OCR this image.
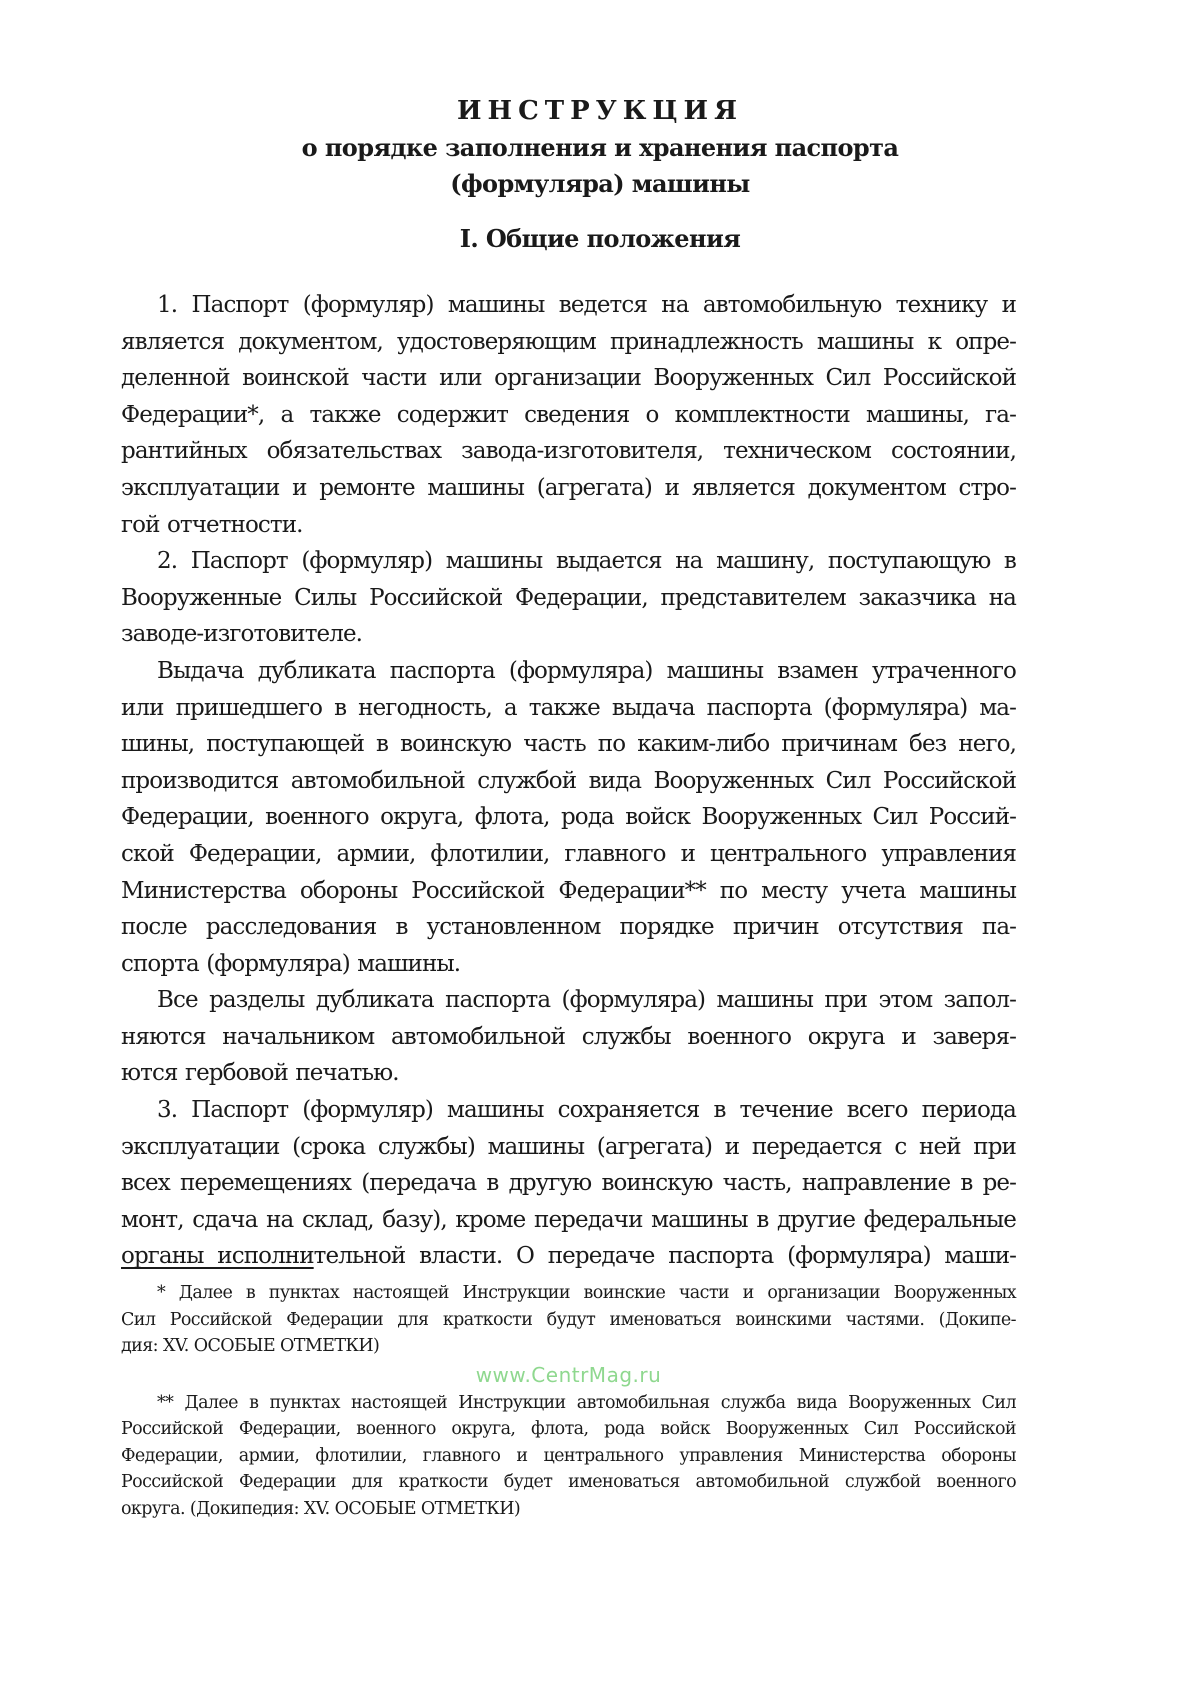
ИНСТРУКЦИЯ
о порядке заполнения и хранения паспорта
(формуляра) машины
I. Общие положения
1. Паспорт (формуляр) машины ведется на автомобильную технику и
является документом, удостоверяющим принадлежность машины к опре-
деленной воинской части или организации Вооруженных Сил Российской
Федерации*, а также содержит сведения о комплектности машины, га-
рантийных обязательствах завода-изготовителя, техническом состоянии,
эксплуатации и ремонте машины (агрегата) и является документом стро-
гой отчетности.
2. Паспорт (формуляр) машины выдается на машину, поступающую в
Вооруженные Силы Российской Федерации, представителем заказчика на
заводе-изготовителе.
Выдача дубликата паспорта (формуляра) машины взамен утраченного
или пришедшего в негодность, а также выдача паспорта (формуляра) ма-
шины, поступающей в воинскую часть по каким-либо причинам без него,
производится автомобильной службой вида Вооруженных Сил Российской
Федерации, военного округа, флота, рода войск Вооруженных Сил Россий-
ской Федерации, армии, флотилии, главного и центрального управления
Министерства обороны Российской Федерации** по месту учета машины
после расследования в установленном порядке причин отсутствия па-
спорта (формуляра) машины.
Все разделы дубликата паспорта (формуляра) машины при этом запол-
няются начальником автомобильной службы военного округа и заверя-
ются гербовой печатью.
3. Паспорт (формуляр) машины сохраняется в течение всего периода
эксплуатации (срока службы) машины (агрегата) и передается с ней при
всех перемещениях (передача в другую воинскую часть, направление в ре-
монт, сдача на склад, базу), кроме передачи машины в другие федеральные
органы исполнительной власти. О передаче паспорта (формуляра) маши-
* Далее в пунктах настоящей Инструкции воинские части и организации Вооруженных
Сил Российской Федерации для краткости будут именоваться воинскими частями. (Докипе-
дия: XV. ОСОБЫЕ ОТМЕТКИ)
www.CentrMag.ru
** Далее в пунктах настоящей Инструкции автомобильная служба вида Вооруженных Сил
Российской Федерации, военного округа, флота, рода войск Вооруженных Сил Российской
Федерации, армии, флотилии, главного и центрального управления Министерства обороны
Российской Федерации для краткости будет именоваться автомобильной службой военного
округа. (Докипедия: XV. ОСОБЫЕ ОТМЕТКИ)
